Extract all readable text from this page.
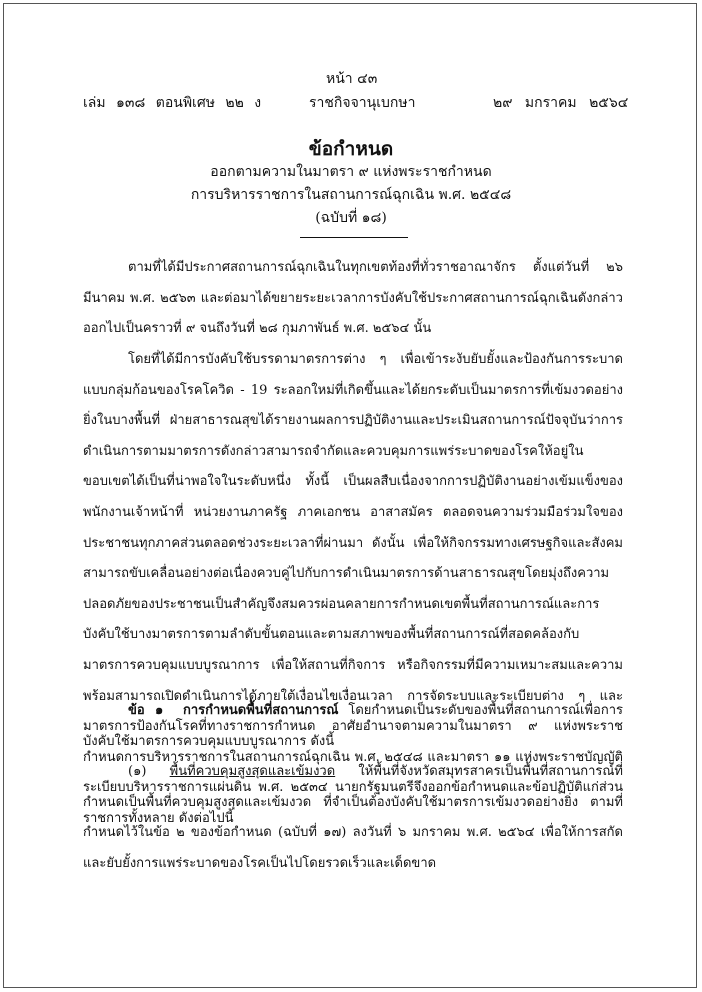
หน้า ๔๓
เล่ม ๑๓๘ ตอนพิเศษ ๒๒ ง	ราชกิจจานุเบกษา	๒๙ มกราคม ๒๕๖๔
ข้อกำหนด
ออกตามความในมาตรา ๙ แห่งพระราชกำหนด
การบริหารราชการในสถานการณ์ฉุกเฉิน พ.ศ. ๒๕๔๘
(ฉบับที่ ๑๘)
ตามที่ได้มีประกาศสถานการณ์ฉุกเฉินในทุกเขตท้องที่ทั่วราชอาณาจักร ตั้งแต่วันที่ ๒๖ มีนาคม พ.ศ. ๒๕๖๓ และต่อมาได้ขยายระยะเวลาการบังคับใช้ประกาศสถานการณ์ฉุกเฉินดังกล่าวออกไปเป็นคราวที่ ๙ จนถึงวันที่ ๒๘ กุมภาพันธ์ พ.ศ. ๒๕๖๔ นั้น
โดยที่ได้มีการบังคับใช้บรรดามาตรการต่าง ๆ เพื่อเข้าระงับยับยั้งและป้องกันการระบาดแบบกลุ่มก้อนของโรคโควิด - 19 ระลอกใหม่ที่เกิดขึ้นและได้ยกระดับเป็นมาตรการที่เข้มงวดอย่างยิ่งในบางพื้นที่ ฝ่ายสาธารณสุขได้รายงานผลการปฏิบัติงานและประเมินสถานการณ์ปัจจุบันว่าการดำเนินการตามมาตรการดังกล่าวสามารถจำกัดและควบคุมการแพร่ระบาดของโรคให้อยู่ในขอบเขตได้เป็นที่น่าพอใจในระดับหนึ่ง ทั้งนี้ เป็นผลสืบเนื่องจากการปฏิบัติงานอย่างเข้มแข็งของพนักงานเจ้าหน้าที่ หน่วยงานภาครัฐ ภาคเอกชน อาสาสมัคร ตลอดจนความร่วมมือร่วมใจของประชาชนทุกภาคส่วนตลอดช่วงระยะเวลาที่ผ่านมา ดังนั้น เพื่อให้กิจกรรมทางเศรษฐกิจและสังคมสามารถขับเคลื่อนอย่างต่อเนื่องควบคู่ไปกับการดำเนินมาตรการด้านสาธารณสุขโดยมุ่งถึงความปลอดภัยของประชาชนเป็นสำคัญจึงสมควรผ่อนคลายการกำหนดเขตพื้นที่สถานการณ์และการบังคับใช้บางมาตรการตามลำดับขั้นตอนและตามสภาพของพื้นที่สถานการณ์ที่สอดคล้องกับมาตรการควบคุมแบบบูรณาการ เพื่อให้สถานที่กิจการ หรือกิจกรรมที่มีความเหมาะสมและความพร้อมสามารถเปิดดำเนินการได้ภายใต้เงื่อนไขเงื่อนเวลา การจัดระบบและระเบียบต่าง ๆ และมาตรการป้องกันโรคที่ทางราชการกำหนด อาศัยอำนาจตามความในมาตรา ๙ แห่งพระราชกำหนดการบริหารราชการในสถานการณ์ฉุกเฉิน พ.ศ. ๒๕๔๘ และมาตรา ๑๑ แห่งพระราชบัญญัติระเบียบบริหารราชการแผ่นดิน พ.ศ. ๒๕๓๔ นายกรัฐมนตรีจึงออกข้อกำหนดและข้อปฏิบัติแก่ส่วนราชการทั้งหลาย ดังต่อไปนี้
ข้อ ๑ การกำหนดพื้นที่สถานการณ์ โดยกำหนดเป็นระดับของพื้นที่สถานการณ์เพื่อการบังคับใช้มาตรการควบคุมแบบบูรณาการ ดังนี้
(๑) พื้นที่ควบคุมสูงสุดและเข้มงวด ให้พื้นที่จังหวัดสมุทรสาครเป็นพื้นที่สถานการณ์ที่กำหนดเป็นพื้นที่ควบคุมสูงสุดและเข้มงวด ที่จำเป็นต้องบังคับใช้มาตรการเข้มงวดอย่างยิ่ง ตามที่กำหนดไว้ในข้อ ๒ ของข้อกำหนด (ฉบับที่ ๑๗) ลงวันที่ ๖ มกราคม พ.ศ. ๒๕๖๔ เพื่อให้การสกัดและยับยั้งการแพร่ระบาดของโรคเป็นไปโดยรวดเร็วและเด็ดขาด
